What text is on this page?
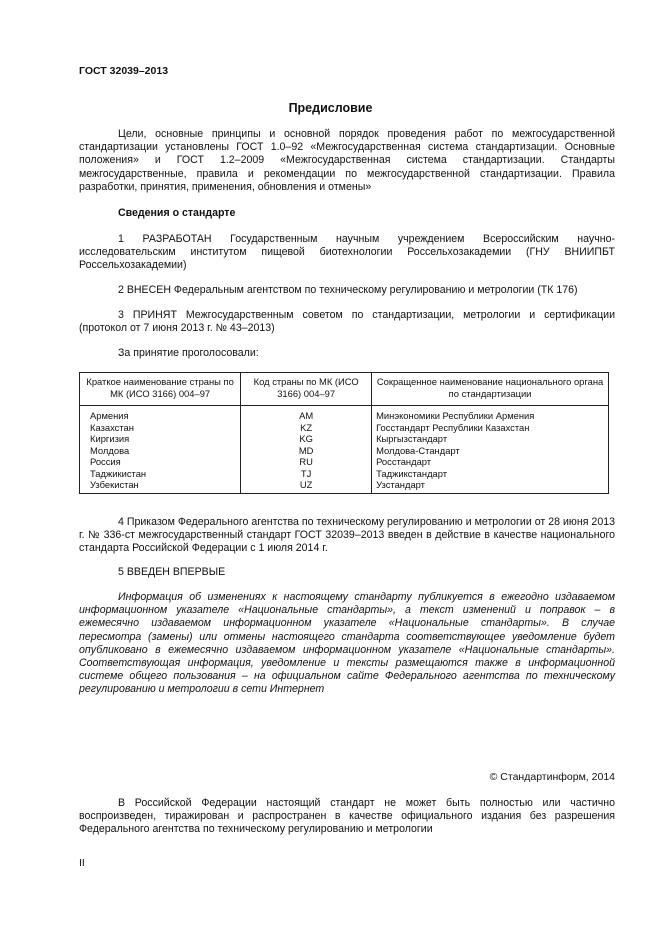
ГОСТ 32039–2013
Предисловие
Цели, основные принципы и основной порядок проведения работ по межгосударственной стандартизации установлены ГОСТ 1.0–92 «Межгосударственная система стандартизации. Основные положения» и ГОСТ 1.2–2009 «Межгосударственная система стандартизации. Стандарты межгосударственные, правила и рекомендации по межгосударственной стандартизации. Правила разработки, принятия, применения, обновления и отмены»
Сведения о стандарте
1 РАЗРАБОТАН Государственным научным учреждением Всероссийским научно-исследовательским институтом пищевой биотехнологии Россельхозакадемии (ГНУ ВНИИПБТ Россельхозакадемии)
2 ВНЕСЕН Федеральным агентством по техническому регулированию и метрологии (ТК 176)
3 ПРИНЯТ Межгосударственным советом по стандартизации, метрологии и сертификации (протокол от 7 июня 2013 г. № 43–2013)
За принятие проголосовали:
Краткое наименование страны по МК (ИСО 3166) 004–97	Код страны по МК (ИСО 3166) 004–97	Сокращенное наименование национального органа по стандартизации
Армения	AM	Минэкономики Республики Армения
Казахстан	KZ	Госстандарт Республики Казахстан
Киргизия	KG	Кыргызстандарт
Молдова	MD	Молдова-Стандарт
Россия	RU	Росстандарт
Таджикистан	TJ	Таджикстандарт
Узбекистан	UZ	Узстандарт
4 Приказом Федерального агентства по техническому регулированию и метрологии от 28 июня 2013 г. № 336-ст межгосударственный стандарт ГОСТ 32039–2013 введен в действие в качестве национального стандарта Российской Федерации с 1 июля 2014 г.
5 ВВЕДЕН ВПЕРВЫЕ
Информация об изменениях к настоящему стандарту публикуется в ежегодно издаваемом информационном указателе «Национальные стандарты», а текст изменений и поправок – в ежемесячно издаваемом информационном указателе «Национальные стандарты». В случае пересмотра (замены) или отмены настоящего стандарта соответствующее уведомление будет опубликовано в ежемесячно издаваемом информационном указателе «Национальные стандарты». Соответствующая информация, уведомление и тексты размещаются также в информационной системе общего пользования – на официальном сайте Федерального агентства по техническому регулированию и метрологии в сети Интернет
© Стандартинформ, 2014
В Российской Федерации настоящий стандарт не может быть полностью или частично воспроизведен, тиражирован и распространен в качестве официального издания без разрешения Федерального агентства по техническому регулированию и метрологии
II
